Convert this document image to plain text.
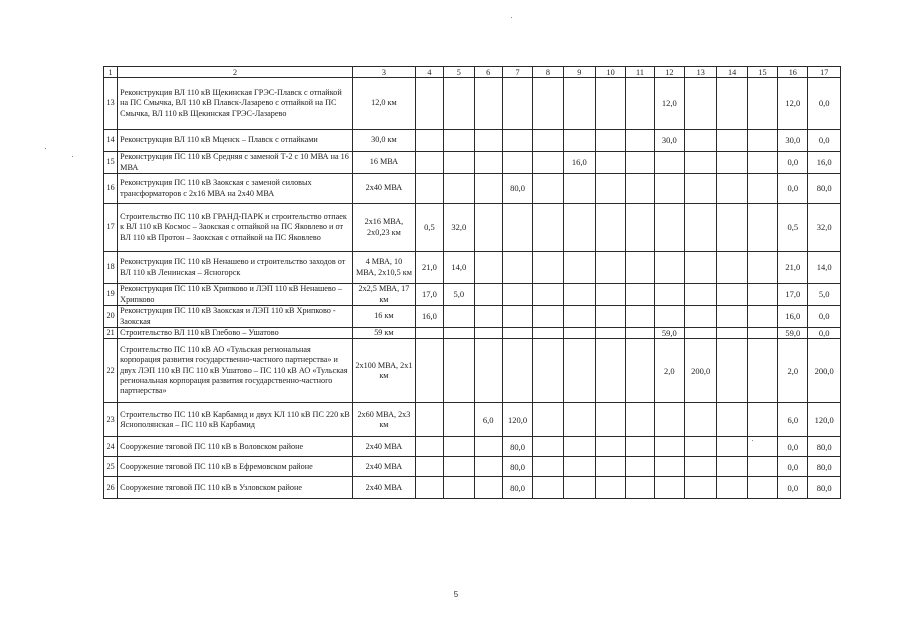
1	2	3	4	5	6	7	8	9	10	11	12	13	14	15	16	17
13	Реконструкция ВЛ 110 кВ Щекинская ГРЭС-Плавск с отпайкой на ПС Смычка, ВЛ 110 кВ Плавск-Лазарево с отпайкой на ПС Смычка, ВЛ 110 кВ Щекинская ГРЭС-Лазарево	12,0 км									12,0				12,0	0,0
14	Реконструкция ВЛ 110 кВ Мценск – Плавск с отпайками	30,0 км									30,0				30,0	0,0
15	Реконструкция ПС 110 кВ Средняя с заменой Т-2 с 10 МВА на 16 МВА	16 МВА						16,0							0,0	16,0
16	Реконструкция ПС 110 кВ Заокская с заменой силовых трансформаторов с 2х16 МВА на 2х40 МВА	2х40 МВА				80,0									0,0	80,0
17	Строительство ПС 110 кВ ГРАНД-ПАРК и строительство отпаек к ВЛ 110 кВ Космос – Заокская с отпайкой на ПС Яковлево и от ВЛ 110 кВ Протон – Заокская с отпайкой на ПС Яковлево	2х16 МВА, 2х0,23 км	0,5	32,0											0,5	32,0
18	Реконструкция ПС 110 кВ Ненашево и строительство заходов от ВЛ 110 кВ Ленинская – Ясногорск	4 МВА, 10 МВА, 2х10,5 км	21,0	14,0											21,0	14,0
19	Реконструкция ПС 110 кВ Хрипково и ЛЭП 110 кВ Ненашево – Хрипково	2х2,5 МВА, 17 км	17,0	5,0											17,0	5,0
20	Реконструкция ПС 110 кВ Заокская и ЛЭП 110 кВ Хрипково - Заокская	16 км	16,0												16,0	0,0
21	Строительство ВЛ 110 кВ Глебово – Ушатово	59 км									59,0				59,0	0,0
22	Строительство ПС 110 кВ АО «Тульская региональная корпорация развития государственно-частного партнерства» и двух ЛЭП 110 кВ ПС 110 кВ Ушатово – ПС 110 кВ АО «Тульская региональная корпорация развития государственно-частного партнерства»	2х100 МВА, 2х1 км									2,0	200,0			2,0	200,0
23	Строительство ПС 110 кВ Карбамид и двух КЛ 110 кВ ПС 220 кВ Яснополянская – ПС 110 кВ Карбамид	2х60 МВА, 2х3 км			6,0	120,0									6,0	120,0
24	Сооружение тяговой ПС 110 кВ в Воловском районе	2х40 МВА				80,0									0,0	80,0
25	Сооружение тяговой ПС 110 кВ в Ефремовском районе	2х40 МВА				80,0									0,0	80,0
26	Сооружение тяговой ПС 110 кВ в Узловском районе	2х40 МВА				80,0									0,0	80,0
5
